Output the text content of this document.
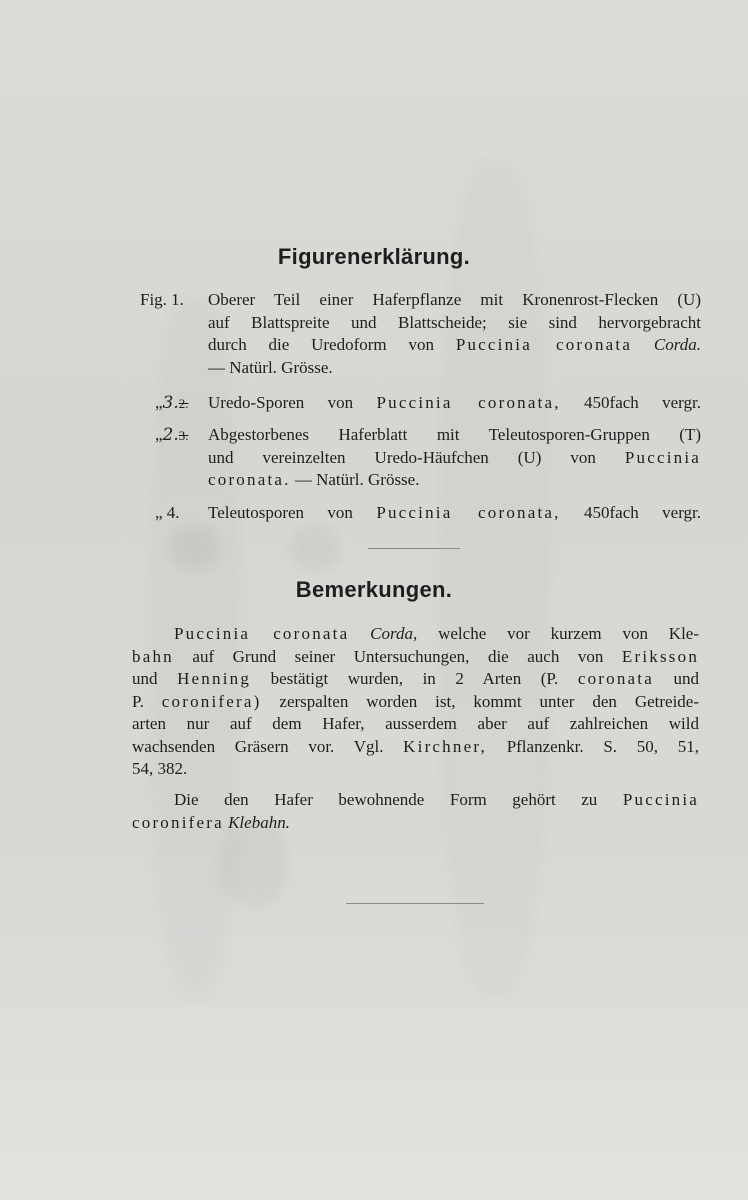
Figurenerklärung.
Fig. 1. Oberer Teil einer Haferpflanze mit Kronenrost-Flecken (U)
auf Blattspreite und Blattscheide; sie sind hervorgebracht
durch die Uredoform von Puccinia coronata Corda.
— Natürl. Grösse.
„3.2. Uredo-Sporen von Puccinia coronata, 450fach vergr.
„2.3. Abgestorbenes Haferblatt mit Teleutosporen-Gruppen (T)
und vereinzelten Uredo-Häufchen (U) von Puccinia
coronata. — Natürl. Grösse.
„ 4. Teleutosporen von Puccinia coronata, 450fach vergr.
Bemerkungen.
Puccinia coronata Corda, welche vor kurzem von Kle-
bahn auf Grund seiner Untersuchungen, die auch von Eriksson
und Henning bestätigt wurden, in 2 Arten (P. coronata und
P. coronifera) zerspalten worden ist, kommt unter den Getreide-
arten nur auf dem Hafer, ausserdem aber auf zahlreichen wild
wachsenden Gräsern vor. Vgl. Kirchner, Pflanzenkr. S. 50, 51,
54, 382.
Die den Hafer bewohnende Form gehört zu Puccinia
coronifera Klebahn.
